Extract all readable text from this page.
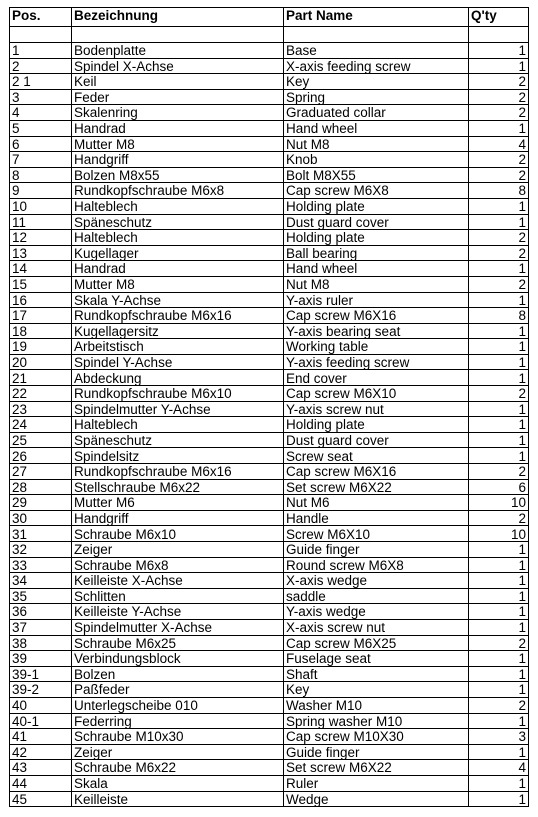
Pos.	Bezeichnung	Part Name	Q'ty

1	Bodenplatte	Base	1
2	Spindel X-Achse	X-axis feeding screw	1
2 1	Keil	Key	2
3	Feder	Spring	2
4	Skalenring	Graduated collar	2
5	Handrad	Hand wheel	1
6	Mutter M8	Nut M8	4
7	Handgriff	Knob	2
8	Bolzen M8x55	Bolt M8X55	2
9	Rundkopfschraube M6x8	Cap screw M6X8	8
10	Halteblech	Holding plate	1
11	Späneschutz	Dust guard cover	1
12	Halteblech	Holding plate	2
13	Kugellager	Ball bearing	2
14	Handrad	Hand wheel	1
15	Mutter M8	Nut M8	2
16	Skala Y-Achse	Y-axis ruler	1
17	Rundkopfschraube M6x16	Cap screw M6X16	8
18	Kugellagersitz	Y-axis bearing seat	1
19	Arbeitstisch	Working table	1
20	Spindel Y-Achse	Y-axis feeding screw	1
21	Abdeckung	End cover	1
22	Rundkopfschraube M6x10	Cap screw M6X10	2
23	Spindelmutter Y-Achse	Y-axis screw nut	1
24	Halteblech	Holding plate	1
25	Späneschutz	Dust guard cover	1
26	Spindelsitz	Screw seat	1
27	Rundkopfschraube M6x16	Cap screw M6X16	2
28	Stellschraube M6x22	Set screw M6X22	6
29	Mutter M6	Nut M6	10
30	Handgriff	Handle	2
31	Schraube M6x10	Screw M6X10	10
32	Zeiger	Guide finger	1
33	Schraube M6x8	Round screw M6X8	1
34	Keilleiste X-Achse	X-axis wedge	1
35	Schlitten	saddle	1
36	Keilleiste Y-Achse	Y-axis wedge	1
37	Spindelmutter X-Achse	X-axis screw nut	1
38	Schraube M6x25	Cap screw M6X25	2
39	Verbindungsblock	Fuselage seat	1
39-1	Bolzen	Shaft	1
39-2	Paßfeder	Key	1
40	Unterlegscheibe 010	Washer M10	2
40-1	Federring	Spring washer M10	1
41	Schraube M10x30	Cap screw M10X30	3
42	Zeiger	Guide finger	1
43	Schraube M6x22	Set screw M6X22	4
44	Skala	Ruler	1
45	Keilleiste	Wedge	1
